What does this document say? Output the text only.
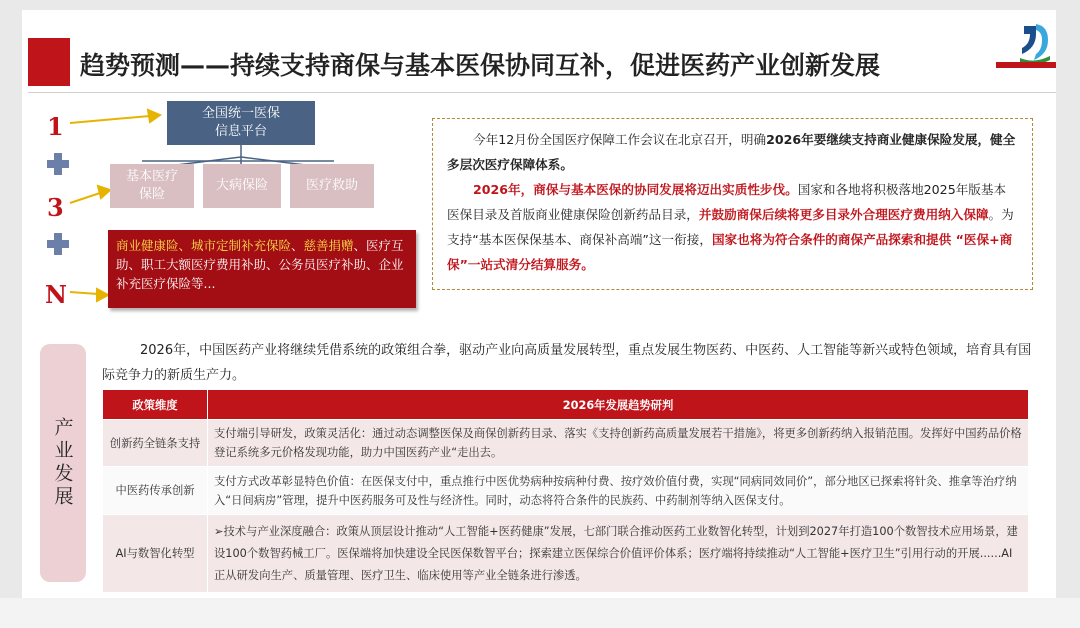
趋势预测——持续支持商保与基本医保协同互补，促进医药产业创新发展
1
3
N
全国统一医保
信息平台
基本医疗
保险
大病保险	医疗救助
商业健康险、城市定制补充保险、慈善捐赠、医疗互助、职工大额医疗费用补助、公务员医疗补助、企业补充医疗保险等...
今年12月份全国医疗保障工作会议在北京召开，明确2026年要继续支持商业健康保险发展，健全多层次医疗保障体系。
2026年，商保与基本医保的协同发展将迈出实质性步伐。国家和各地将积极落地2025年版基本医保目录及首版商业健康保险创新药品目录，并鼓励商保后续将更多目录外合理医疗费用纳入保障。为支持“基本医保保基本、商保补高端”这一衔接，国家也将为符合条件的商保产品探索和提供 “医保+商保”一站式清分结算服务。
产业发展
2026年，中国医药产业将继续凭借系统的政策组合拳，驱动产业向高质量发展转型，重点发展生物医药、中医药、人工智能等新兴或特色领域，培育具有国际竞争力的新质生产力。
政策维度	2026年发展趋势研判
创新药全链条支持	支付端引导研发，政策灵活化：通过动态调整医保及商保创新药目录、落实《支持创新药高质量发展若干措施》，将更多创新药纳入报销范围。发挥好中国药品价格登记系统多元价格发现功能，助力中国医药产业“走出去。
中医药传承创新	支付方式改革彰显特色价值：在医保支付中，重点推行中医优势病种按病种付费、按疗效价值付费，实现“同病同效同价”，部分地区已探索将针灸、推拿等治疗纳入“日间病房”管理，提升中医药服务可及性与经济性。同时，动态将符合条件的民族药、中药制剂等纳入医保支付。
AI与数智化转型	➢技术与产业深度融合：政策从顶层设计推动“人工智能+医药健康”发展，七部门联合推动医药工业数智化转型，计划到2027年打造100个数智技术应用场景，建设100个数智药械工厂。医保端将加快建设全民医保数智平台；探索建立医保综合价值评价体系；医疗端将持续推动“人工智能+医疗卫生”引用行动的开展......AI正从研发向生产、质量管理、医疗卫生、临床使用等产业全链条进行渗透。
